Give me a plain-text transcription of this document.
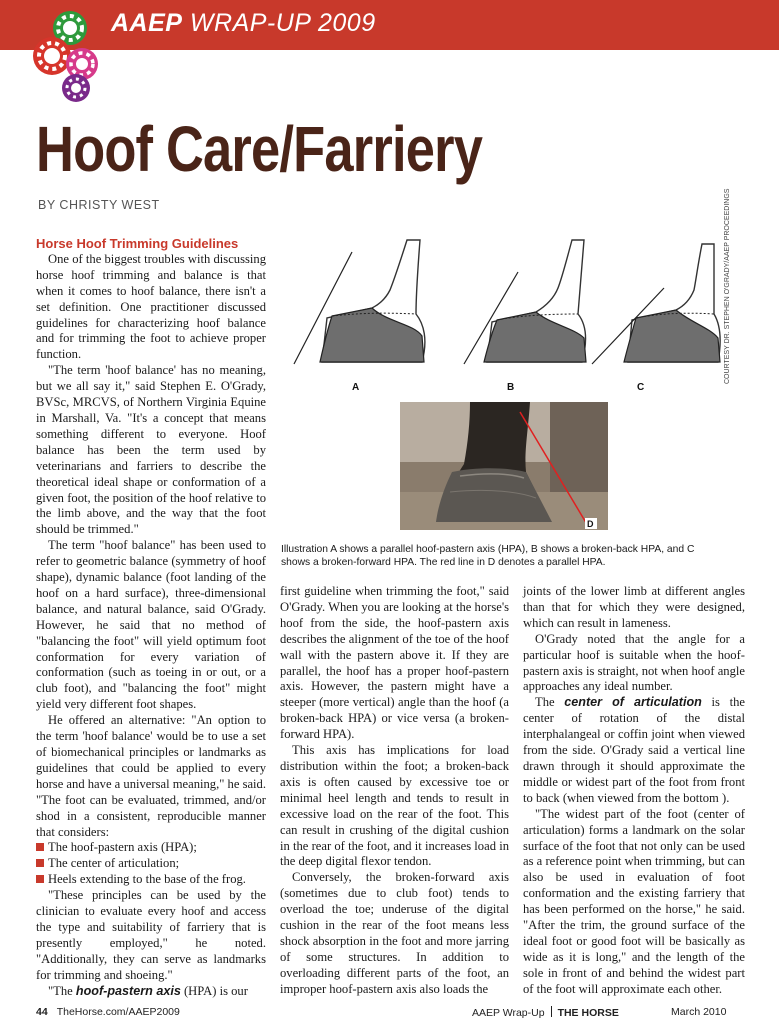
AAEP WRAP-UP 2009
Hoof Care/Farriery
BY CHRISTY WEST
A	B	C
D
COURTESY DR. STEPHEN O'GRADY/AAEP PROCEEDINGS
Illustration A shows a parallel hoof-pastern axis (HPA), B shows a broken-back HPA, and C shows a broken-forward HPA. The red line in D denotes a parallel HPA.

Horse Hoof Trimming Guidelines

One of the biggest troubles with discussing horse hoof trimming and balance is that when it comes to hoof balance, there isn't a set definition. One practitioner discussed guidelines for characterizing hoof balance and for trimming the foot to achieve proper function.

"The term 'hoof balance' has no meaning, but we all say it," said Stephen E. O'Grady, BVSc, MRCVS, of Northern Virginia Equine in Marshall, Va. "It's a concept that means something different to everyone. Hoof balance has been the term used by veterinarians and farriers to describe the theoretical ideal shape or conformation of a given foot, the position of the hoof relative to the limb above, and the way that the foot should be trimmed."

The term "hoof balance" has been used to refer to geometric balance (symmetry of hoof shape), dynamic balance (foot landing of the hoof on a hard surface), three-dimensional balance, and natural balance, said O'Grady. However, he said that no method of "balancing the foot" will yield optimum foot conformation for every variation of conformation (such as toeing in or out, or a club foot), and "balancing the foot" might yield very different foot shapes.

He offered an alternative: "An option to the term 'hoof balance' would be to use a set of biomechanical principles or landmarks as guidelines that could be applied to every horse and have a universal meaning," he said. "The foot can be evaluated, trimmed, and/or shod in a consistent, reproducible manner that considers:

The hoof-pastern axis (HPA);

The center of articulation;

Heels extending to the base of the frog.

"These principles can be used by the clinician to evaluate every hoof and access the type and suitability of farriery that is presently employed," he noted. "Additionally, they can serve as landmarks for trimming and shoeing."

"The hoof-pastern axis (HPA) is our

first guideline when trimming the foot," said O'Grady. When you are looking at the horse's hoof from the side, the hoof-pastern axis describes the alignment of the toe of the hoof wall with the pastern above it. If they are parallel, the hoof has a proper hoof-pastern axis. However, the pastern might have a steeper (more vertical) angle than the hoof (a broken-back HPA) or vice versa (a broken-forward HPA).

This axis has implications for load distribution within the foot; a broken-back axis is often caused by excessive toe or minimal heel length and tends to result in excessive load on the rear of the foot. This can result in crushing of the digital cushion in the rear of the foot, and it increases load in the deep digital flexor tendon.

Conversely, the broken-forward axis (sometimes due to club foot) tends to overload the toe; underuse of the digital cushion in the rear of the foot means less shock absorption in the foot and more jarring of some structures. In addition to overloading different parts of the foot, an improper hoof-pastern axis also loads the

joints of the lower limb at different angles than that for which they were designed, which can result in lameness.

O'Grady noted that the angle for a particular hoof is suitable when the hoof-pastern axis is straight, not when hoof angle approaches any ideal number.

The center of articulation is the center of rotation of the distal interphalangeal or coffin joint when viewed from the side. O'Grady said a vertical line drawn through it should approximate the middle or widest part of the foot from front to back (when viewed from the bottom ).

"The widest part of the foot (center of articulation) forms a landmark on the solar surface of the foot that not only can be used as a reference point when trimming, but can also be used in evaluation of foot conformation and the existing farriery that has been performed on the horse," he said. "After the trim, the ground surface of the ideal foot or good foot will be basically as wide as it is long," and the length of the sole in front of and behind the widest part of the foot will approximate each other.

44 TheHorse.com/AAEP2009	AAEP Wrap-Up THE HORSE	March 2010
